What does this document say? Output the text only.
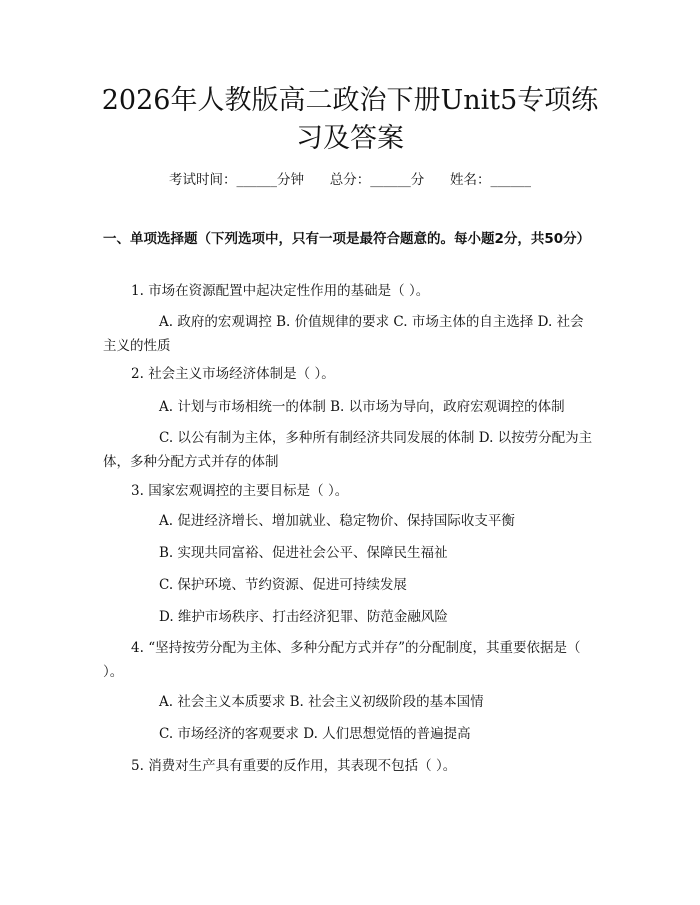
2026年人教版高二政治下册Unit5专项练习及答案
考试时间：______分钟      总分：______分      姓名：______
一、单项选择题（下列选项中，只有一项是最符合题意的。每小题2分，共50分）
1. 市场在资源配置中起决定性作用的基础是（ ）。
A. 政府的宏观调控 B. 价值规律的要求 C. 市场主体的自主选择 D. 社会主义的性质
2. 社会主义市场经济体制是（ ）。
A. 计划与市场相统一的体制 B. 以市场为导向，政府宏观调控的体制
C. 以公有制为主体，多种所有制经济共同发展的体制 D. 以按劳分配为主体，多种分配方式并存的体制
3. 国家宏观调控的主要目标是（ ）。
A. 促进经济增长、增加就业、稳定物价、保持国际收支平衡
B. 实现共同富裕、促进社会公平、保障民生福祉
C. 保护环境、节约资源、促进可持续发展
D. 维护市场秩序、打击经济犯罪、防范金融风险
4. “坚持按劳分配为主体、多种分配方式并存”的分配制度，其重要依据是（ ）。
A. 社会主义本质要求 B. 社会主义初级阶段的基本国情
C. 市场经济的客观要求 D. 人们思想觉悟的普遍提高
5. 消费对生产具有重要的反作用，其表现不包括（ ）。
